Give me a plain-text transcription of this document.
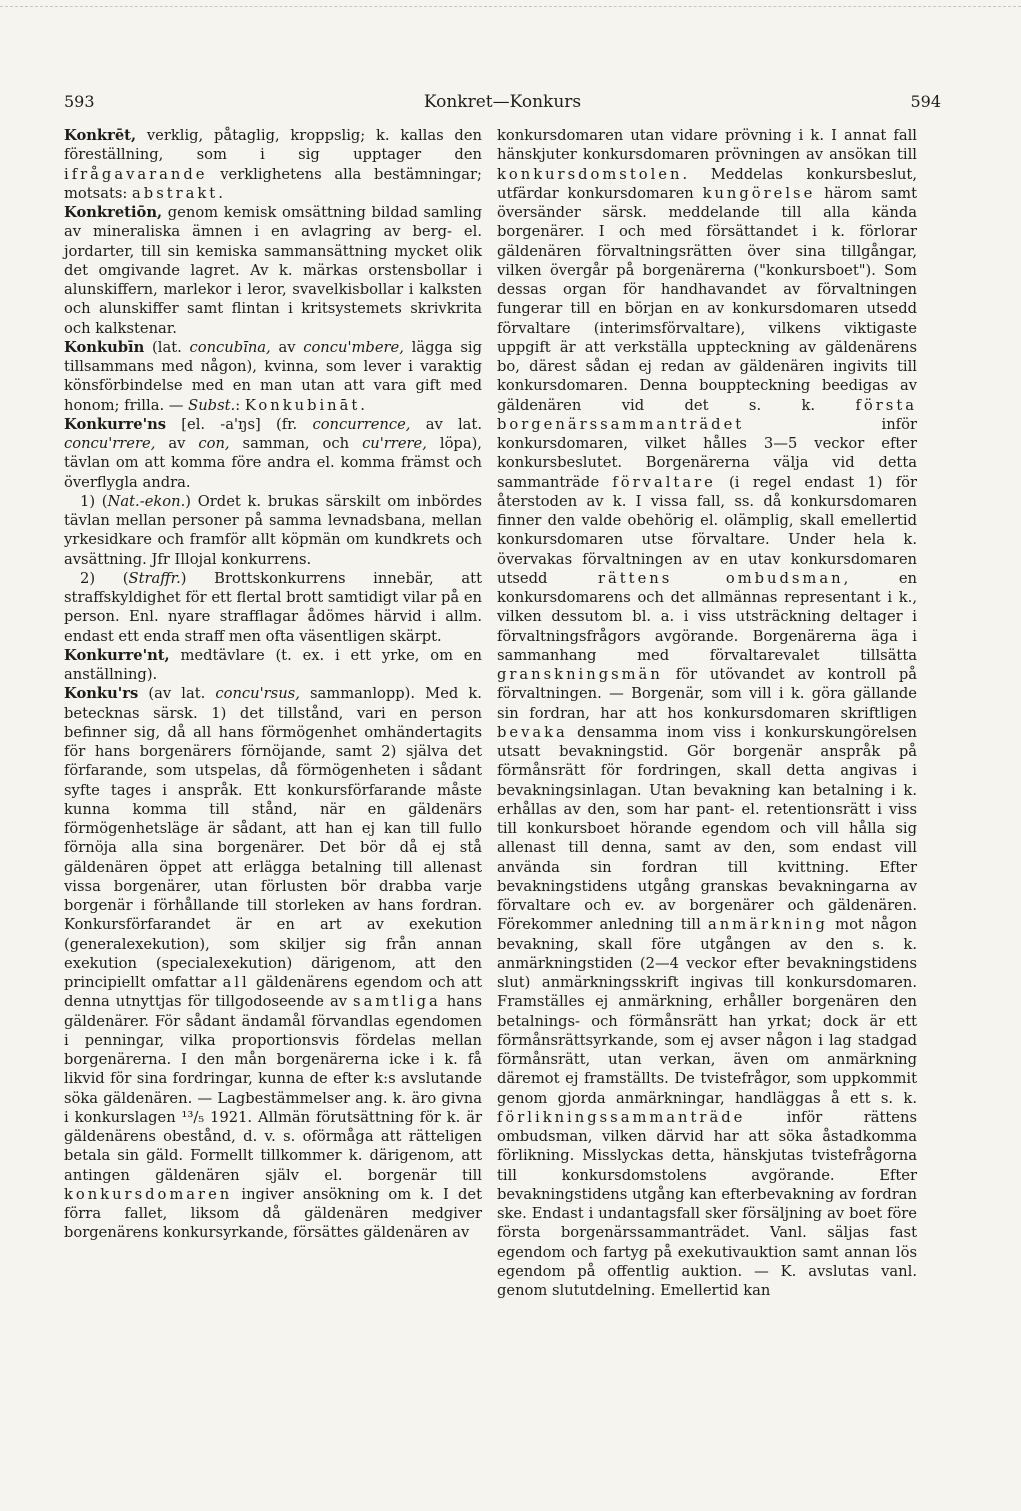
593	Konkret—Konkurs	594

Konkrēt, verklig, påtaglig, kroppslig; k. kallas den föreställning, som i sig upptager den ifrågavarande verklighetens alla bestämningar; motsats: abstrakt.

Konkretiōn, genom kemisk omsättning bildad samling av mineraliska ämnen i en avlagring av berg- el. jordarter, till sin kemiska sammansättning mycket olik det omgivande lagret. Av k. märkas orstensbollar i alunskiffern, marlekor i leror, svavelkisbollar i kalksten och alunskiffer samt flintan i kritsystemets skrivkrita och kalkstenar.

Konkubīn (lat. concubīna, av concu'mbere, lägga sig tillsammans med någon), kvinna, som lever i varaktig könsförbindelse med en man utan att vara gift med honom; frilla. — Subst.: Konkubināt.

Konkurre'ns [el. -a'ŋs] (fr. concurrence, av lat. concu'rrere, av con, samman, och cu'rrere, löpa), tävlan om att komma före andra el. komma främst och överflygla andra.

1) (Nat.-ekon.) Ordet k. brukas särskilt om inbördes tävlan mellan personer på samma levnadsbana, mellan yrkesidkare och framför allt köpmän om kundkrets och avsättning. Jfr Illojal konkurrens.

2) (Straffr.) Brottskonkurrens innebär, att straffskyldighet för ett flertal brott samtidigt vilar på en person. Enl. nyare strafflagar ådömes härvid i allm. endast ett enda straff men ofta väsentligen skärpt.

Konkurre'nt, medtävlare (t. ex. i ett yrke, om en anställning).

Konku'rs (av lat. concu'rsus, sammanlopp). Med k. betecknas särsk. 1) det tillstånd, vari en person befinner sig, då all hans förmögenhet omhändertagits för hans borgenärers förnöjande, samt 2) själva det förfarande, som utspelas, då förmögenheten i sådant syfte tages i anspråk. Ett konkursförfarande måste kunna komma till stånd, när en gäldenärs förmögenhetsläge är sådant, att han ej kan till fullo förnöja alla sina borgenärer. Det bör då ej stå gäldenären öppet att erlägga betalning till allenast vissa borgenärer, utan förlusten bör drabba varje borgenär i förhållande till storleken av hans fordran. Konkursförfarandet är en art av exekution (generalexekution), som skiljer sig från annan exekution (specialexekution) därigenom, att den principiellt omfattar all gäldenärens egendom och att denna utnyttjas för tillgodoseende av samtliga hans gäldenärer. För sådant ändamål förvandlas egendomen i penningar, vilka proportionsvis fördelas mellan borgenärerna. I den mån borgenärerna icke i k. få likvid för sina fordringar, kunna de efter k:s avslutande söka gäldenären. — Lagbestämmelser ang. k. äro givna i konkurslagen ¹³/₅ 1921. Allmän förutsättning för k. är gäldenärens obestånd, d. v. s. oförmåga att rätteligen betala sin gäld. Formellt tillkommer k. därigenom, att antingen gäldenären själv el. borgenär till konkursdomaren ingiver ansökning om k. I det förra fallet, liksom då gäldenären medgiver borgenärens konkursyrkande, försättes gäldenären av

konkursdomaren utan vidare prövning i k. I annat fall hänskjuter konkursdomaren prövningen av ansökan till konkursdomstolen. Meddelas konkursbeslut, utfärdar konkursdomaren kungörelse härom samt översänder särsk. meddelande till alla kända borgenärer. I och med försättandet i k. förlorar gäldenären förvaltningsrätten över sina tillgångar, vilken övergår på borgenärerna ("konkursboet"). Som dessas organ för handhavandet av förvaltningen fungerar till en början en av konkursdomaren utsedd förvaltare (interimsförvaltare), vilkens viktigaste uppgift är att verkställa uppteckning av gäldenärens bo, därest sådan ej redan av gäldenären ingivits till konkursdomaren. Denna bouppteckning beedigas av gäldenären vid det s. k. första borgenärssammanträdet inför konkursdomaren, vilket hålles 3—5 veckor efter konkursbeslutet. Borgenärerna välja vid detta sammanträde förvaltare (i regel endast 1) för återstoden av k. I vissa fall, ss. då konkursdomaren finner den valde obehörig el. olämplig, skall emellertid konkursdomaren utse förvaltare. Under hela k. övervakas förvaltningen av en utav konkursdomaren utsedd rättens ombudsman, en konkursdomarens och det allmännas representant i k., vilken dessutom bl. a. i viss utsträckning deltager i förvaltningsfrågors avgörande. Borgenärerna äga i sammanhang med förvaltarevalet tillsätta granskningsmän för utövandet av kontroll på förvaltningen. — Borgenär, som vill i k. göra gällande sin fordran, har att hos konkursdomaren skriftligen bevaka densamma inom viss i konkurskungörelsen utsatt bevakningstid. Gör borgenär anspråk på förmånsrätt för fordringen, skall detta angivas i bevakningsinlagan. Utan bevakning kan betalning i k. erhållas av den, som har pant- el. retentionsrätt i viss till konkursboet hörande egendom och vill hålla sig allenast till denna, samt av den, som endast vill använda sin fordran till kvittning. Efter bevakningstidens utgång granskas bevakningarna av förvaltare och ev. av borgenärer och gäldenären. Förekommer anledning till anmärkning mot någon bevakning, skall före utgången av den s. k. anmärkningstiden (2—4 veckor efter bevakningstidens slut) anmärkningsskrift ingivas till konkursdomaren. Framställes ej anmärkning, erhåller borgenären den betalnings- och förmånsrätt han yrkat; dock är ett förmånsrättsyrkande, som ej avser någon i lag stadgad förmånsrätt, utan verkan, även om anmärkning däremot ej framställts. De tvistefrågor, som uppkommit genom gjorda anmärkningar, handläggas å ett s. k. förlikningssammanträde inför rättens ombudsman, vilken därvid har att söka åstadkomma förlikning. Misslyckas detta, hänskjutas tvistefrågorna till konkursdomstolens avgörande. Efter bevakningstidens utgång kan efterbevakning av fordran ske. Endast i undantagsfall sker försäljning av boet före första borgenärssammanträdet. Vanl. säljas fast egendom och fartyg på exekutivauktion samt annan lös egendom på offentlig auktion. — K. avslutas vanl. genom slututdelning. Emellertid kan
